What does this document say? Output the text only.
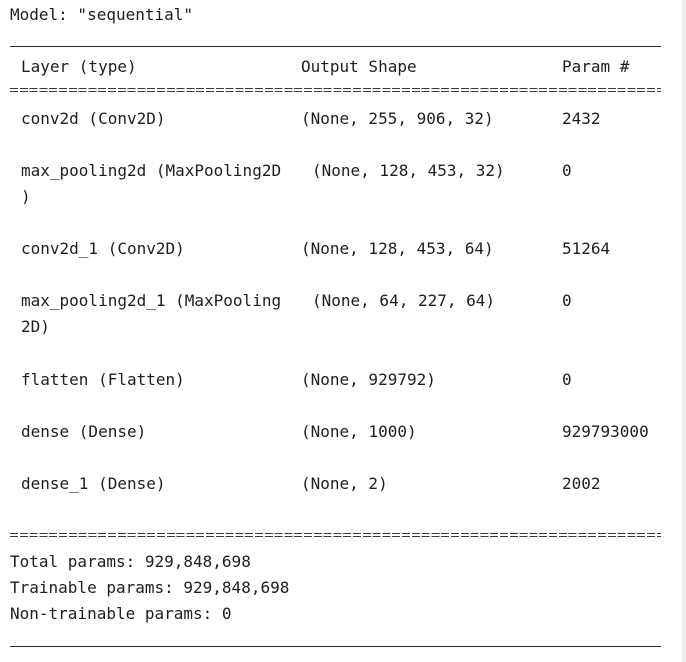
Model: "sequential"
Layer (type)	Output Shape	Param #
conv2d (Conv2D)	(None, 255, 906, 32)	2432
max_pooling2d (MaxPooling2D (None, 128, 453, 32)	0
)
conv2d_1 (Conv2D)	(None, 128, 453, 64)	51264
max_pooling2d_1 (MaxPooling (None, 64, 227, 64)	0
2D)
flatten (Flatten)	(None, 929792)	0
dense (Dense)	(None, 1000)	929793000
dense_1 (Dense)	(None, 2)	2002
Total params: 929,848,698
Trainable params: 929,848,698
Non-trainable params: 0
